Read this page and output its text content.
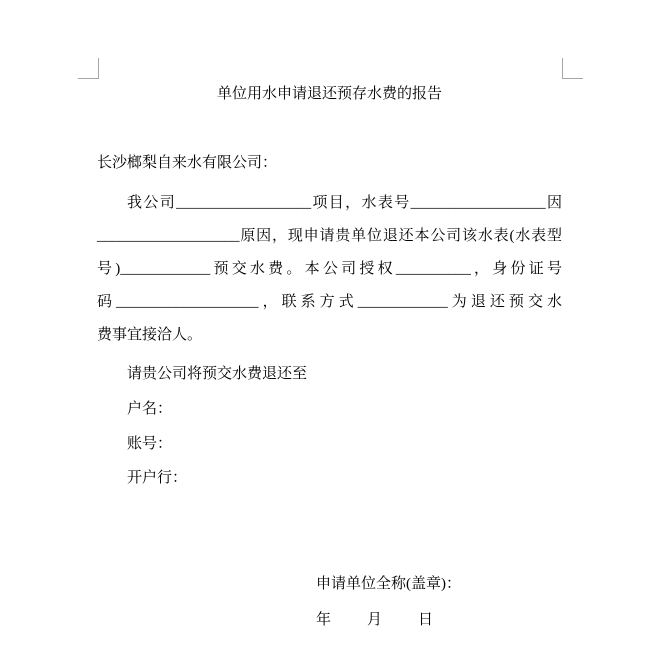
单位用水申请退还预存水费的报告
长沙榔梨自来水有限公司：
我公司__________________项目，水表号__________________因
___________________原因，现申请贵单位退还本公司该水表(水表型
号)____________预交水费。本公司授权__________，身份证号
码___________________，联系方式____________为退还预交水
费事宜接洽人。
请贵公司将预交水费退还至
户名：
账号：
开户行：
申请单位全称(盖章)：
年　　月　　日
